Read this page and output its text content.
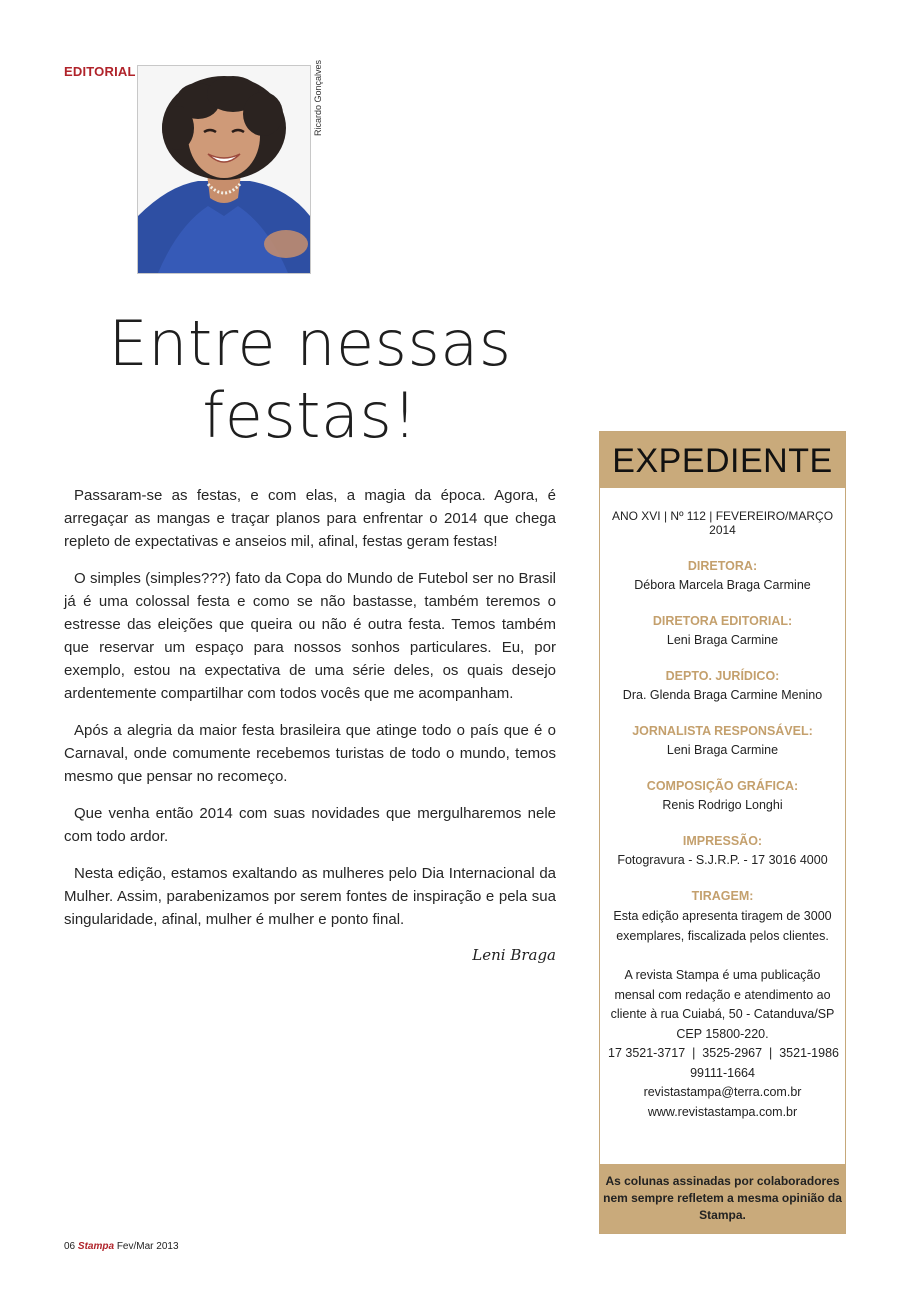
EDITORIAL	Ricardo Gonçalves
Entre nessas
festas!

Passaram-se as festas, e com elas, a magia da época. Agora, é arregaçar as mangas e traçar planos para enfrentar o 2014 que chega repleto de expectativas e anseios mil, afinal, festas geram festas!

O simples (simples???) fato da Copa do Mundo de Futebol ser no Brasil já é uma colossal festa e como se não bastasse, também teremos o estresse das eleições que queira ou não é outra festa. Temos também que reservar um espaço para nossos sonhos particulares. Eu, por exemplo, estou na expectativa de uma série deles, os quais desejo ardentemente compartilhar com todos vocês que me acompanham.

Após a alegria da maior festa brasileira que atinge todo o país que é o Carnaval, onde comumente recebemos turistas de todo o mundo, temos mesmo que pensar no recomeço.

Que venha então 2014 com suas novidades que mergulharemos nele com todo ardor.

Nesta edição, estamos exaltando as mulheres pelo Dia Internacional da Mulher. Assim, parabenizamos por serem fontes de inspiração e pela sua singularidade, afinal, mulher é mulher e ponto final.

Leni Braga
EXPEDIENTE
ANO XVI | Nº 112 | FEVEREIRO/MARÇO 2014
DIRETORA:
Débora Marcela Braga Carmine
DIRETORA EDITORIAL:
Leni Braga Carmine
DEPTO. JURÍDICO:
Dra. Glenda Braga Carmine Menino
JORNALISTA RESPONSÁVEL:
Leni Braga Carmine
COMPOSIÇÃO GRÁFICA:
Renis Rodrigo Longhi
IMPRESSÃO:
Fotogravura - S.J.R.P. - 17 3016 4000
TIRAGEM:
Esta edição apresenta tiragem de 3000 exemplares, fiscalizada pelos clientes.
A revista Stampa é uma publicação mensal com redação e atendimento ao cliente à rua Cuiabá, 50 - Catanduva/SP CEP 15800-220.
17 3521-3717  |  3525-2967  |  3521-1986
99111-1664
revistastampa@terra.com.br
www.revistastampa.com.br
As colunas assinadas por colaboradores nem sempre refletem a mesma opinião da Stampa.
06 Stampa Fev/Mar 2013
